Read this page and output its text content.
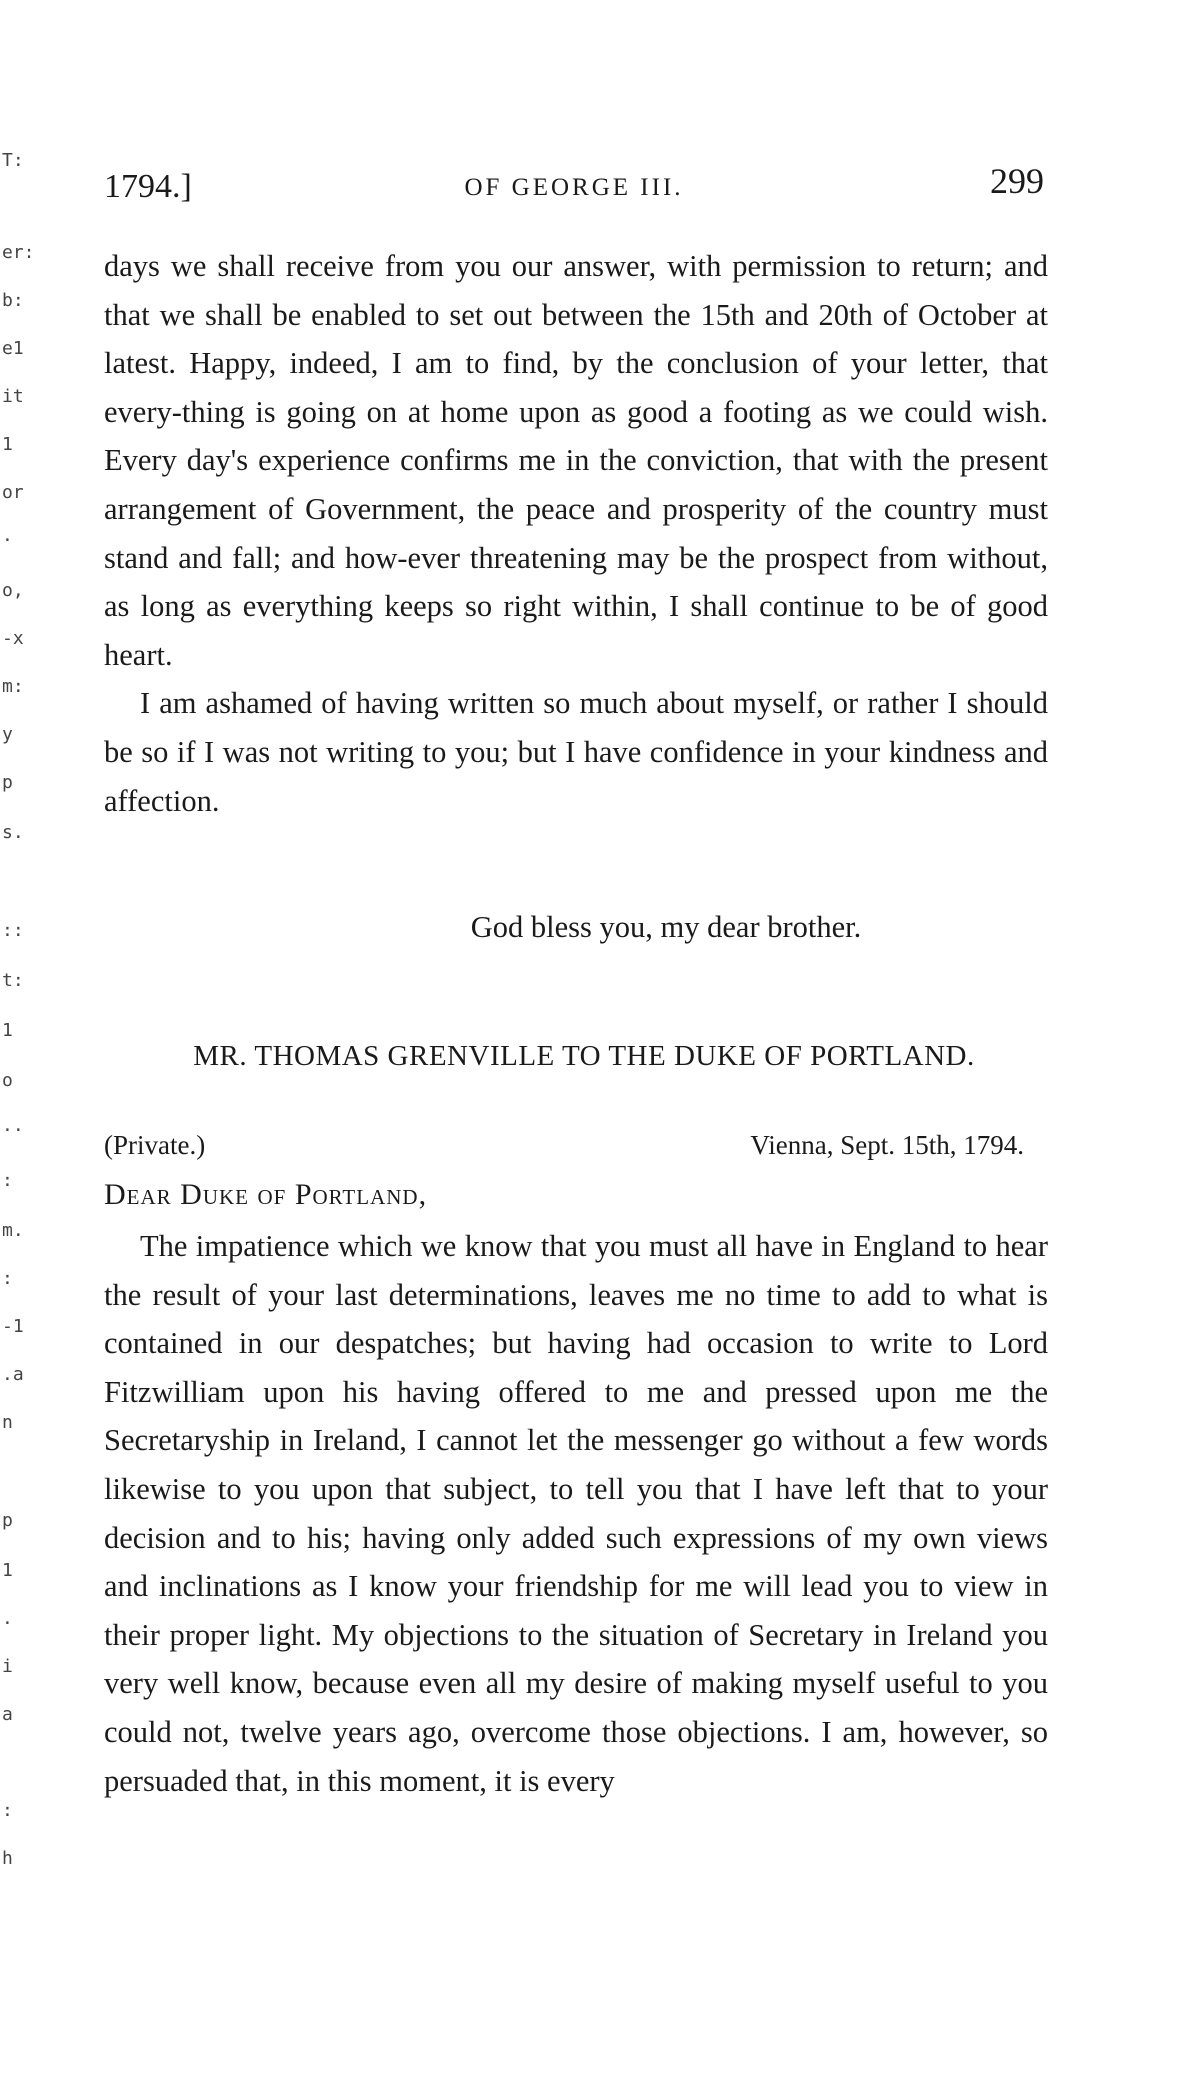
T:
er:
b:
e1
it
1
or
·
o,
-x
m:
y
p
s.
::
t:
1
o
··
:
m.
:
-1
.a
n
p
1
.
i
a
:
h
1794.]	OF GEORGE III.	299

days we shall receive from you our answer, with permission to return; and that we shall be enabled to set out between the 15th and 20th of October at latest. Happy, indeed, I am to find, by the conclusion of your letter, that every-thing is going on at home upon as good a footing as we could wish. Every day's experience confirms me in the conviction, that with the present arrangement of Government, the peace and prosperity of the country must stand and fall; and how-ever threatening may be the prospect from without, as long as everything keeps so right within, I shall continue to be of good heart.

I am ashamed of having written so much about myself, or rather I should be so if I was not writing to you; but I have confidence in your kindness and affection.

God bless you, my dear brother.
MR. THOMAS GRENVILLE TO THE DUKE OF PORTLAND.
(Private.)	Vienna, Sept. 15th, 1794.
Dear Duke of Portland,

The impatience which we know that you must all have in England to hear the result of your last determinations, leaves me no time to add to what is contained in our despatches; but having had occasion to write to Lord Fitzwilliam upon his having offered to me and pressed upon me the Secretaryship in Ireland, I cannot let the messenger go without a few words likewise to you upon that subject, to tell you that I have left that to your decision and to his; having only added such expressions of my own views and inclinations as I know your friendship for me will lead you to view in their proper light. My objections to the situation of Secretary in Ireland you very well know, because even all my desire of making myself useful to you could not, twelve years ago, overcome those objections. I am, however, so persuaded that, in this moment, it is every
